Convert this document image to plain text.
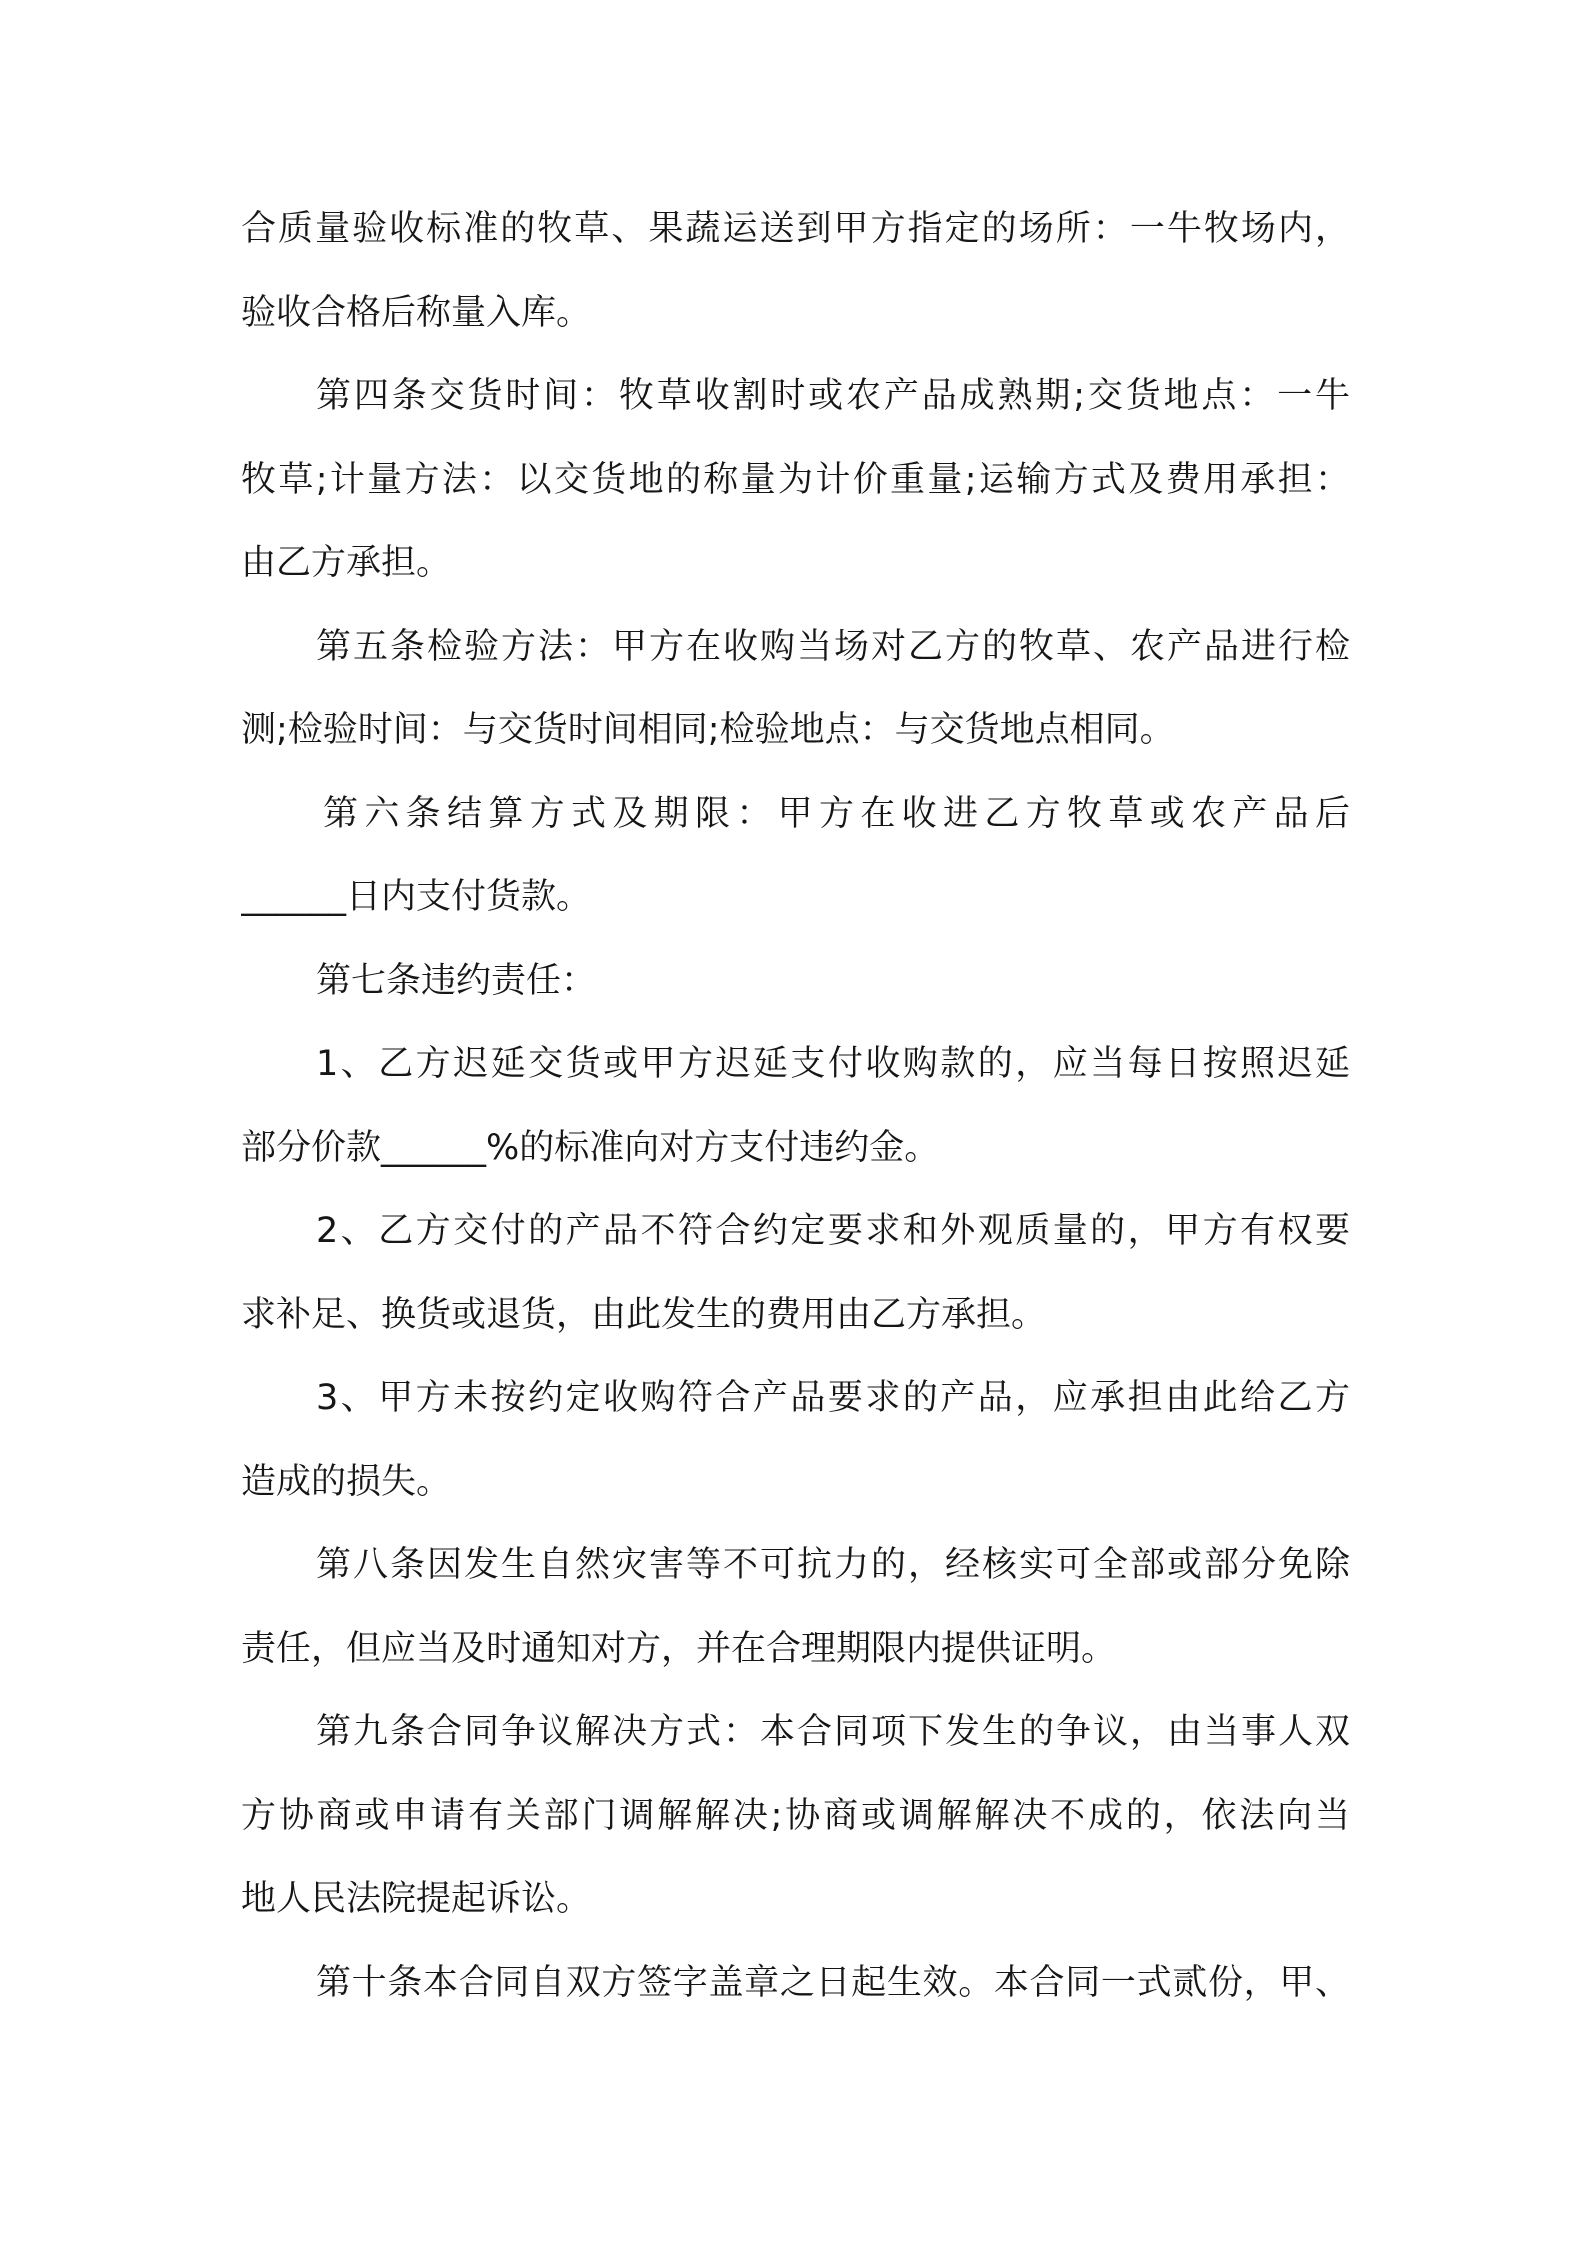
合质量验收标准的牧草、果蔬运送到甲方指定的场所：一牛牧场内，
验收合格后称量入库。
第四条交货时间：牧草收割时或农产品成熟期;交货地点：一牛
牧草;计量方法：以交货地的称量为计价重量;运输方式及费用承担：
由乙方承担。
第五条检验方法：甲方在收购当场对乙方的牧草、农产品进行检
测;检验时间：与交货时间相同;检验地点：与交货地点相同。
第六条结算方式及期限：甲方在收进乙方牧草或农产品后
______日内支付货款。
第七条违约责任：
1、乙方迟延交货或甲方迟延支付收购款的，应当每日按照迟延
部分价款______%的标准向对方支付违约金。
2、乙方交付的产品不符合约定要求和外观质量的，甲方有权要
求补足、换货或退货，由此发生的费用由乙方承担。
3、甲方未按约定收购符合产品要求的产品，应承担由此给乙方
造成的损失。
第八条因发生自然灾害等不可抗力的，经核实可全部或部分免除
责任，但应当及时通知对方，并在合理期限内提供证明。
第九条合同争议解决方式：本合同项下发生的争议，由当事人双
方协商或申请有关部门调解解决;协商或调解解决不成的，依法向当
地人民法院提起诉讼。
第十条本合同自双方签字盖章之日起生效。本合同一式贰份，甲、
